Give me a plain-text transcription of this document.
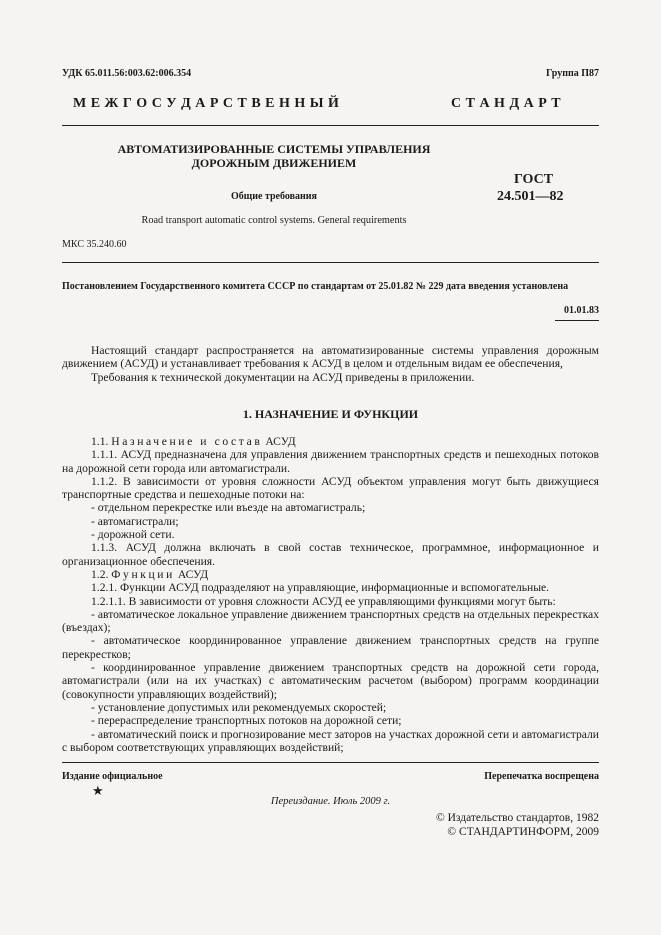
УДК 65.011.56:003.62:006.354	Группа П87
М Е Ж Г О С У Д А Р С Т В Е Н Н Ы Й	С Т А Н Д А Р Т
АВТОМАТИЗИРОВАННЫЕ СИСТЕМЫ УПРАВЛЕНИЯ
ДОРОЖНЫМ ДВИЖЕНИЕМ
ГОСТ
24.501—82
Общие требования
Road transport automatic control systems. General requirements
МКС 35.240.60
Постановлением Государственного комитета СССР по стандартам от 25.01.82 № 229 дата введения установлена
01.01.83

Настоящий стандарт распространяется на автоматизированные системы управления дорожным движением (АСУД) и устанавливает требования к АСУД в целом и отдельным видам ее обеспечения,

Требования к технической документации на АСУД приведены в приложении.

1. НАЗНАЧЕНИЕ И ФУНКЦИИ

1.1. Назначение и состав АСУД

1.1.1. АСУД предназначена для управления движением транспортных средств и пешеходных потоков на дорожной сети города или автомагистрали.

1.1.2. В зависимости от уровня сложности АСУД объектом управления могут быть движущиеся транспортные средства и пешеходные потоки на:

- отдельном перекрестке или въезде на автомагистраль;

- автомагистрали;

- дорожной сети.

1.1.3. АСУД должна включать в свой состав техническое, программное, информационное и организационное обеспечения.

1.2. Функции АСУД

1.2.1. Функции АСУД подразделяют на управляющие, информационные и вспомогательные.

1.2.1.1. В зависимости от уровня сложности АСУД ее управляющими функциями могут быть:

- автоматическое локальное управление движением транспортных средств на отдельных перекрестках (въездах);

- автоматическое координированное управление движением транспортных средств на группе перекрестков;

- координированное управление движением транспортных средств на дорожной сети города, автомагистрали (или на их участках) с автоматическим расчетом (выбором) программ координации (совокупности управляющих воздействий);

- установление допустимых или рекомендуемых скоростей;

- перераспределение транспортных потоков на дорожной сети;

- автоматический поиск и прогнозирование мест заторов на участках дорожной сети и автомагистрали с выбором соответствующих управляющих воздействий;

Издание официальное
★
Перепечатка воспрещена
Переиздание. Июль 2009 г.
© Издательство стандартов, 1982
© СТАНДАРТИНФОРМ, 2009
